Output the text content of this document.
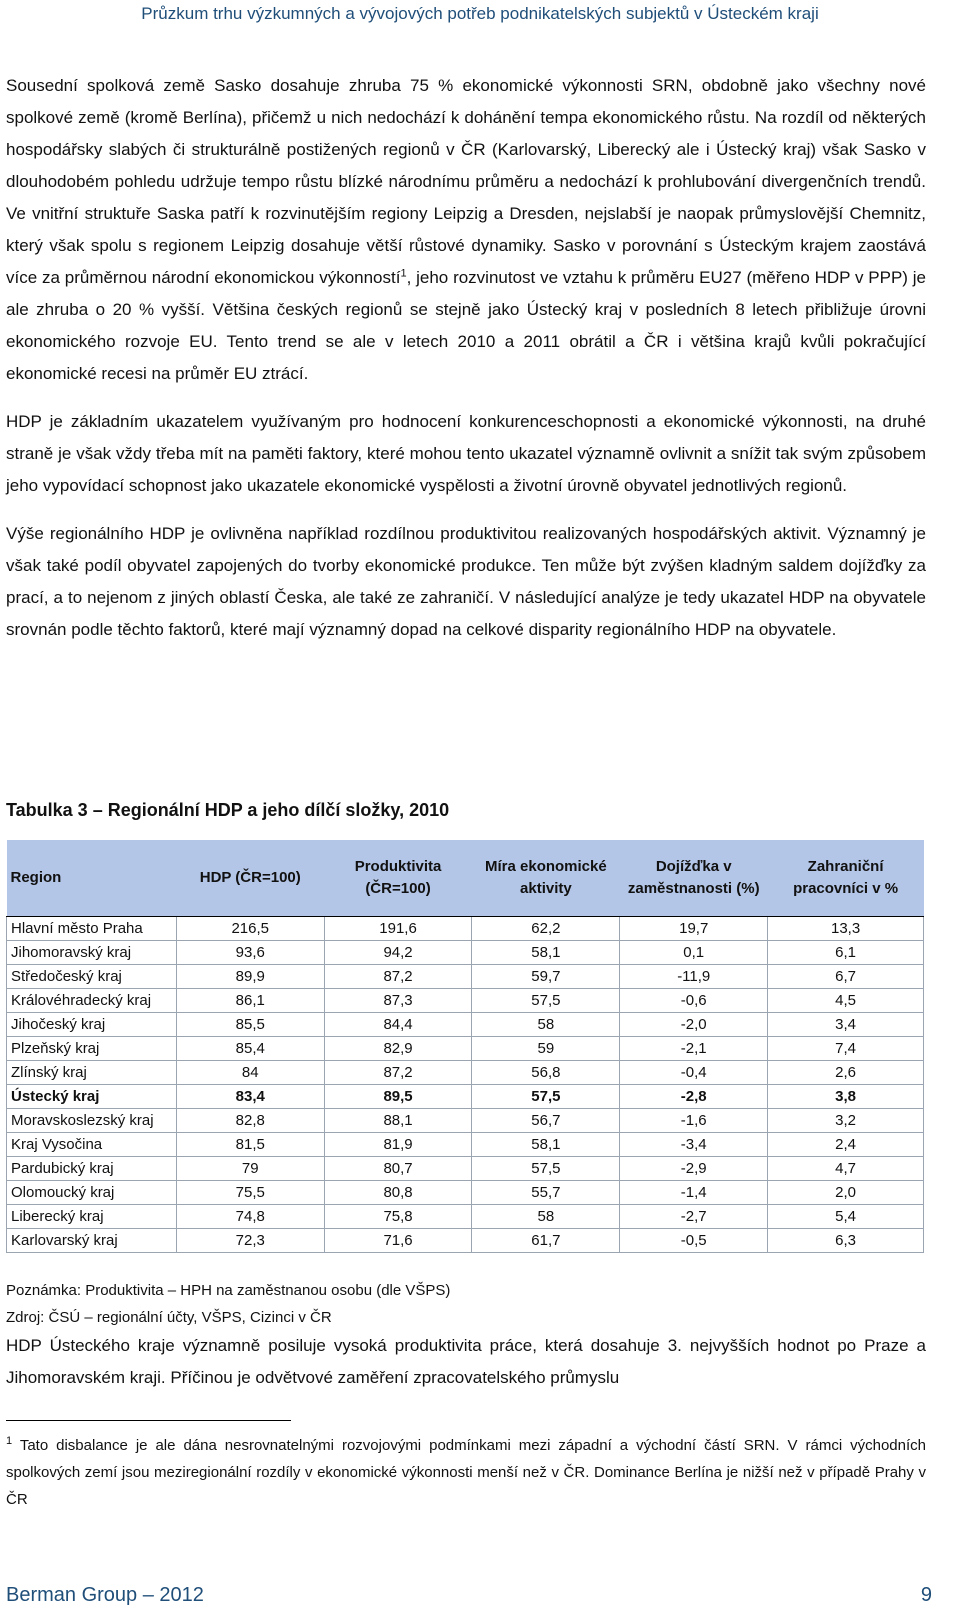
Průzkum trhu výzkumných a vývojových potřeb podnikatelských subjektů v Ústeckém kraji

Sousední spolková země Sasko dosahuje zhruba 75 % ekonomické výkonnosti SRN, obdobně jako všechny nové spolkové země (kromě Berlína), přičemž u nich nedochází k dohánění tempa ekonomického růstu. Na rozdíl od některých hospodářsky slabých či strukturálně postižených regionů v ČR (Karlovarský, Liberecký ale i Ústecký kraj) však Sasko v dlouhodobém pohledu udržuje tempo růstu blízké národnímu průměru a nedochází k prohlubování divergenčních trendů. Ve vnitřní struktuře Saska patří k rozvinutějším regiony Leipzig a Dresden, nejslabší je naopak průmyslovější Chemnitz, který však spolu s regionem Leipzig dosahuje větší růstové dynamiky. Sasko v porovnání s Ústeckým krajem zaostává více za průměrnou národní ekonomickou výkonností$^1$, jeho rozvinutost ve vztahu k průměru EU27 (měřeno HDP v PPP) je ale zhruba o 20 % vyšší. Většina českých regionů se stejně jako Ústecký kraj v posledních 8 letech přibližuje úrovni ekonomického rozvoje EU. Tento trend se ale v letech 2010 a 2011 obrátil a ČR i většina krajů kvůli pokračující ekonomické recesi na průměr EU ztrácí.

HDP je základním ukazatelem využívaným pro hodnocení konkurenceschopnosti a ekonomické výkonnosti, na druhé straně je však vždy třeba mít na paměti faktory, které mohou tento ukazatel významně ovlivnit a snížit tak svým způsobem jeho vypovídací schopnost jako ukazatele ekonomické vyspělosti a životní úrovně obyvatel jednotlivých regionů.

Výše regionálního HDP je ovlivněna například rozdílnou produktivitou realizovaných hospodářských aktivit. Významný je však také podíl obyvatel zapojených do tvorby ekonomické produkce. Ten může být zvýšen kladným saldem dojížďky za prací, a to nejenom z jiných oblastí Česka, ale také ze zahraničí. V následující analýze je tedy ukazatel HDP na obyvatele srovnán podle těchto faktorů, které mají významný dopad na celkové disparity regionálního HDP na obyvatele.

Tabulka 3 – Regionální HDP a jeho dílčí složky, 2010
Region	HDP (ČR=100)	Produktivita (ČR=100)	Míra ekonomické aktivity	Dojížďka v zaměstnanosti (%)	Zahraniční pracovníci v %
Hlavní město Praha	216,5	191,6	62,2	19,7	13,3
Jihomoravský kraj	93,6	94,2	58,1	0,1	6,1
Středočeský kraj	89,9	87,2	59,7	-11,9	6,7
Královéhradecký kraj	86,1	87,3	57,5	-0,6	4,5
Jihočeský kraj	85,5	84,4	58	-2,0	3,4
Plzeňský kraj	85,4	82,9	59	-2,1	7,4
Zlínský kraj	84	87,2	56,8	-0,4	2,6
Ústecký kraj	83,4	89,5	57,5	-2,8	3,8
Moravskoslezský kraj	82,8	88,1	56,7	-1,6	3,2
Kraj Vysočina	81,5	81,9	58,1	-3,4	2,4
Pardubický kraj	79	80,7	57,5	-2,9	4,7
Olomoucký kraj	75,5	80,8	55,7	-1,4	2,0
Liberecký kraj	74,8	75,8	58	-2,7	5,4
Karlovarský kraj	72,3	71,6	61,7	-0,5	6,3
Poznámka: Produktivita – HPH na zaměstnanou osobu (dle VŠPS)
Zdroj: ČSÚ – regionální účty, VŠPS, Cizinci v ČR
HDP Ústeckého kraje významně posiluje vysoká produktivita práce, která dosahuje 3. nejvyšších hodnot po Praze a Jihomoravském kraji. Příčinou je odvětvové zaměření zpracovatelského průmyslu
$^1$ Tato disbalance je ale dána nesrovnatelnými rozvojovými podmínkami mezi západní a východní částí SRN. V rámci východních spolkových zemí jsou meziregionální rozdíly v ekonomické výkonnosti menší než v ČR. Dominance Berlína je nižší než v případě Prahy v ČR
Berman Group – 2012	9
